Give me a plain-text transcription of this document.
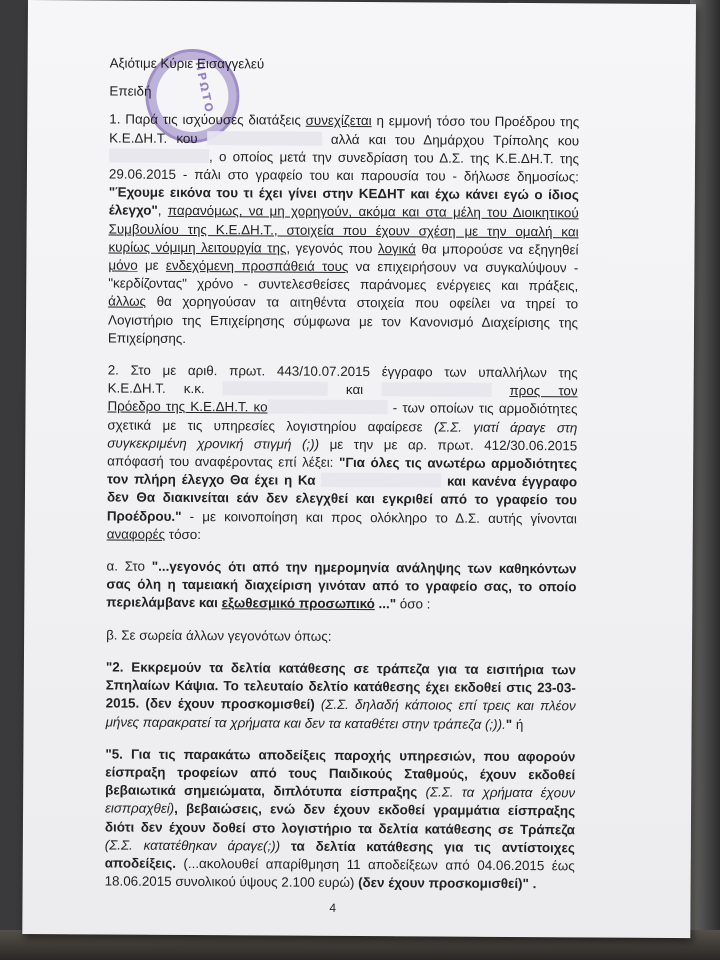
ΠΡΩΤΟ

Αξιότιμε Κύριε Εισαγγελεύ

Επειδή

1. Παρά τις ισχύουσες διατάξεις συνεχίζεται η εμμονή τόσο του Προέδρου της
Κ.Ε.ΔΗ.Τ. κου	αλλά και του Δημάρχου Τρίπολης κου
, ο οποίος μετά την συνεδρίαση του Δ.Σ. της Κ.Ε.ΔΗ.Τ. της
29.06.2015 - πάλι στο γραφείο του και παρουσία του - δήλωσε δημοσίως:
"Έχουμε εικόνα του τι έχει γίνει στην ΚΕΔΗΤ και έχω κάνει εγώ ο ίδιος
έλεγχο", παρανόμως, να μη χορηγούν, ακόμα και στα μέλη του Διοικητικού
Συμβουλίου της Κ.Ε.ΔΗ.Τ., στοιχεία που έχουν σχέση με την ομαλή και
κυρίως νόμιμη λειτουργία της, γεγονός που λογικά θα μπορούσε να εξηγηθεί
μόνο με ενδεχόμενη προσπάθειά τους να επιχειρήσουν να συγκαλύψουν -
"κερδίζοντας" χρόνο - συντελεσθείσες παράνομες ενέργειες και πράξεις,
άλλως θα χορηγούσαν τα αιτηθέντα στοιχεία που οφείλει να τηρεί το
Λογιστήριο της Επιχείρησης σύμφωνα με τον Κανονισμό Διαχείρισης της
Επιχείρησης.

2. Στο με αριθ. πρωτ. 443/10.07.2015 έγγραφο των υπαλλήλων της
Κ.Ε.ΔΗ.Τ. κ.κ.	και	προς τον
Πρόεδρο της Κ.Ε.ΔΗ.Τ. κο	- των οποίων τις αρμοδιότητες
σχετικά με τις υπηρεσίες λογιστηρίου αφαίρεσε (Σ.Σ. γιατί άραγε στη
συγκεκριμένη χρονική στιγμή (;)) με την με αρ. πρωτ. 412/30.06.2015
απόφασή του αναφέροντας επί λέξει: "Για όλες τις ανωτέρω αρμοδιότητες
τον πλήρη έλεγχο Θα έχει η Κα	και κανένα έγγραφο
δεν Θα διακινείται εάν δεν ελεγχθεί και εγκριθεί από το γραφείο του
Προέδρου." - με κοινοποίηση και προς ολόκληρο το Δ.Σ. αυτής γίνονται
αναφορές τόσο:

α. Στο "...γεγονός ότι από την ημερομηνία ανάληψης των καθηκόντων
σας όλη η ταμειακή διαχείριση γινόταν από το γραφείο σας, το οποίο
περιελάμβανε και εξωθεσμικό προσωπικό ..." όσο :

β. Σε σωρεία άλλων γεγονότων όπως:

"2. Εκκρεμούν τα δελτία κατάθεσης σε τράπεζα για τα εισιτήρια των
Σπηλαίων Κάψια. Το τελευταίο δελτίο κατάθεσης έχει εκδοθεί στις 23-03-
2015. (δεν έχουν προσκομισθεί) (Σ.Σ. δηλαδή κάποιος επί τρεις και πλέον
μήνες παρακρατεί τα χρήματα και δεν τα καταθέτει στην τράπεζα (;))." ή

"5. Για τις παρακάτω αποδείξεις παροχής υπηρεσιών, που αφορούν
είσπραξη τροφείων από τους Παιδικούς Σταθμούς, έχουν εκδοθεί
βεβαιωτικά σημειώματα, διπλότυπα είσπραξης (Σ.Σ. τα χρήματα έχουν
εισπραχθεί), βεβαιώσεις, ενώ δεν έχουν εκδοθεί γραμμάτια είσπραξης
διότι δεν έχουν δοθεί στο λογιστήριο τα δελτία κατάθεσης σε Τράπεζα
(Σ.Σ. κατατέθηκαν άραγε(;)) τα δελτία κατάθεσης για τις αντίστοιχες
αποδείξεις. (...ακολουθεί απαρίθμηση 11 αποδείξεων από 04.06.2015 έως
18.06.2015 συνολικού ύψους 2.100 ευρώ) (δεν έχουν προσκομισθεί)" .

4
